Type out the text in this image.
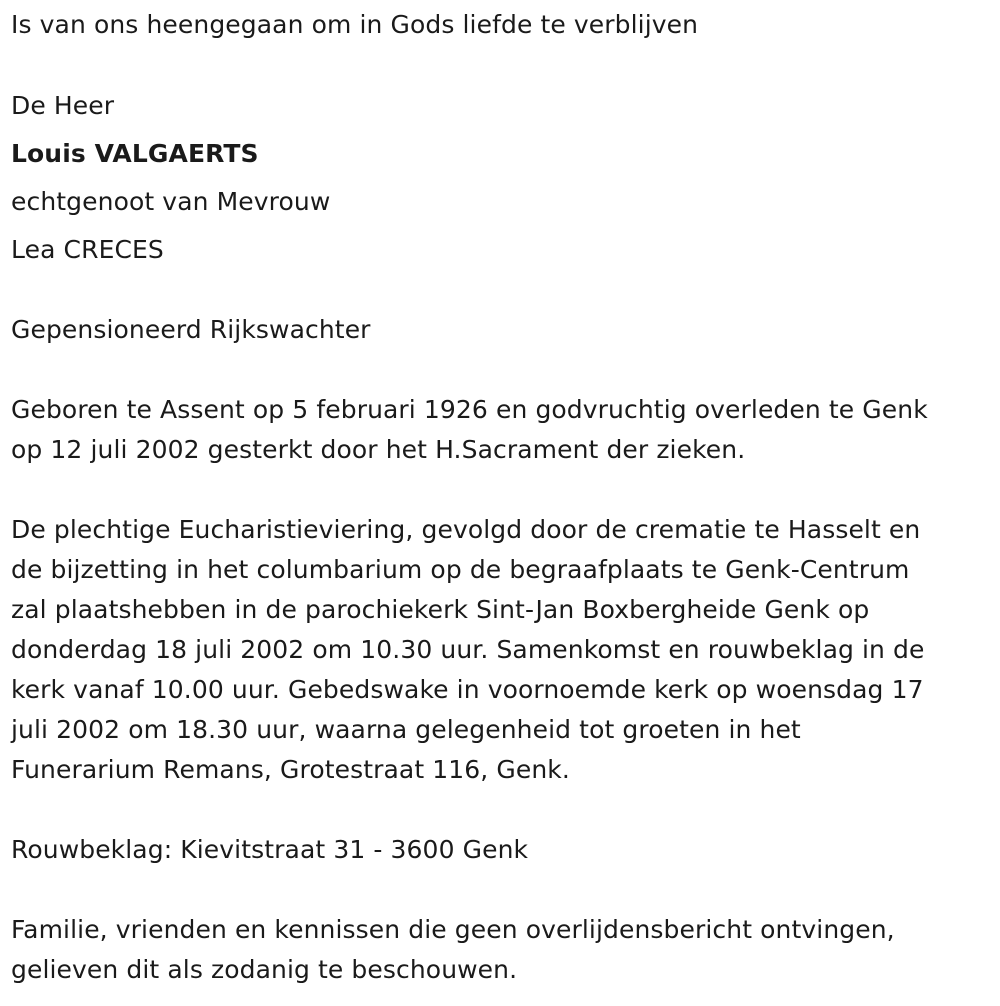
Is van ons heengegaan om in Gods liefde te verblijven
De Heer
Louis VALGAERTS
echtgenoot van Mevrouw
Lea CRECES
Gepensioneerd Rijkswachter
Geboren te Assent op 5 februari 1926 en godvruchtig overleden te Genk
op 12 juli 2002 gesterkt door het H.Sacrament der zieken.
De plechtige Eucharistieviering, gevolgd door de crematie te Hasselt en
de bijzetting in het columbarium op de begraafplaats te Genk-Centrum
zal plaatshebben in de parochiekerk Sint-Jan Boxbergheide Genk op
donderdag 18 juli 2002 om 10.30 uur. Samenkomst en rouwbeklag in de
kerk vanaf 10.00 uur. Gebedswake in voornoemde kerk op woensdag 17
juli 2002 om 18.30 uur, waarna gelegenheid tot groeten in het
Funerarium Remans, Grotestraat 116, Genk.
Rouwbeklag: Kievitstraat 31 - 3600 Genk
Familie, vrienden en kennissen die geen overlijdensbericht ontvingen,
gelieven dit als zodanig te beschouwen.
